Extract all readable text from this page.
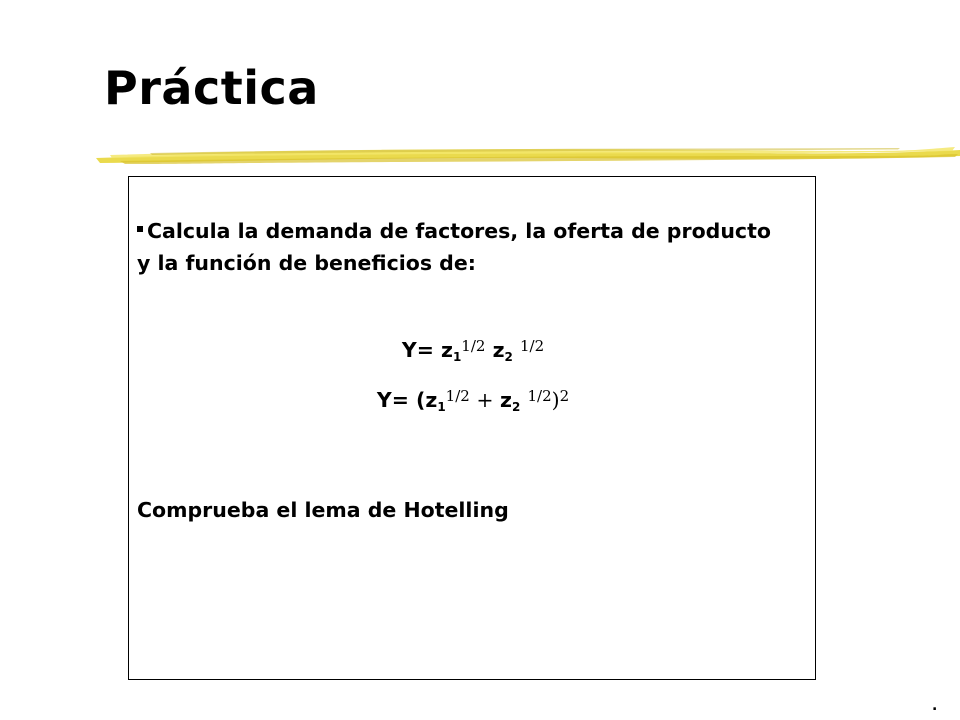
Práctica

Calcula la demanda de factores, la oferta de producto y la función de beneficios de:

$Y= z_1^{1/2}$ $z_2$ $^{1/2}$

$Y= (z_1^{1/2} + z_2$ $^{1/2}$)$^2$

Comprueba el lema de Hotelling

.
